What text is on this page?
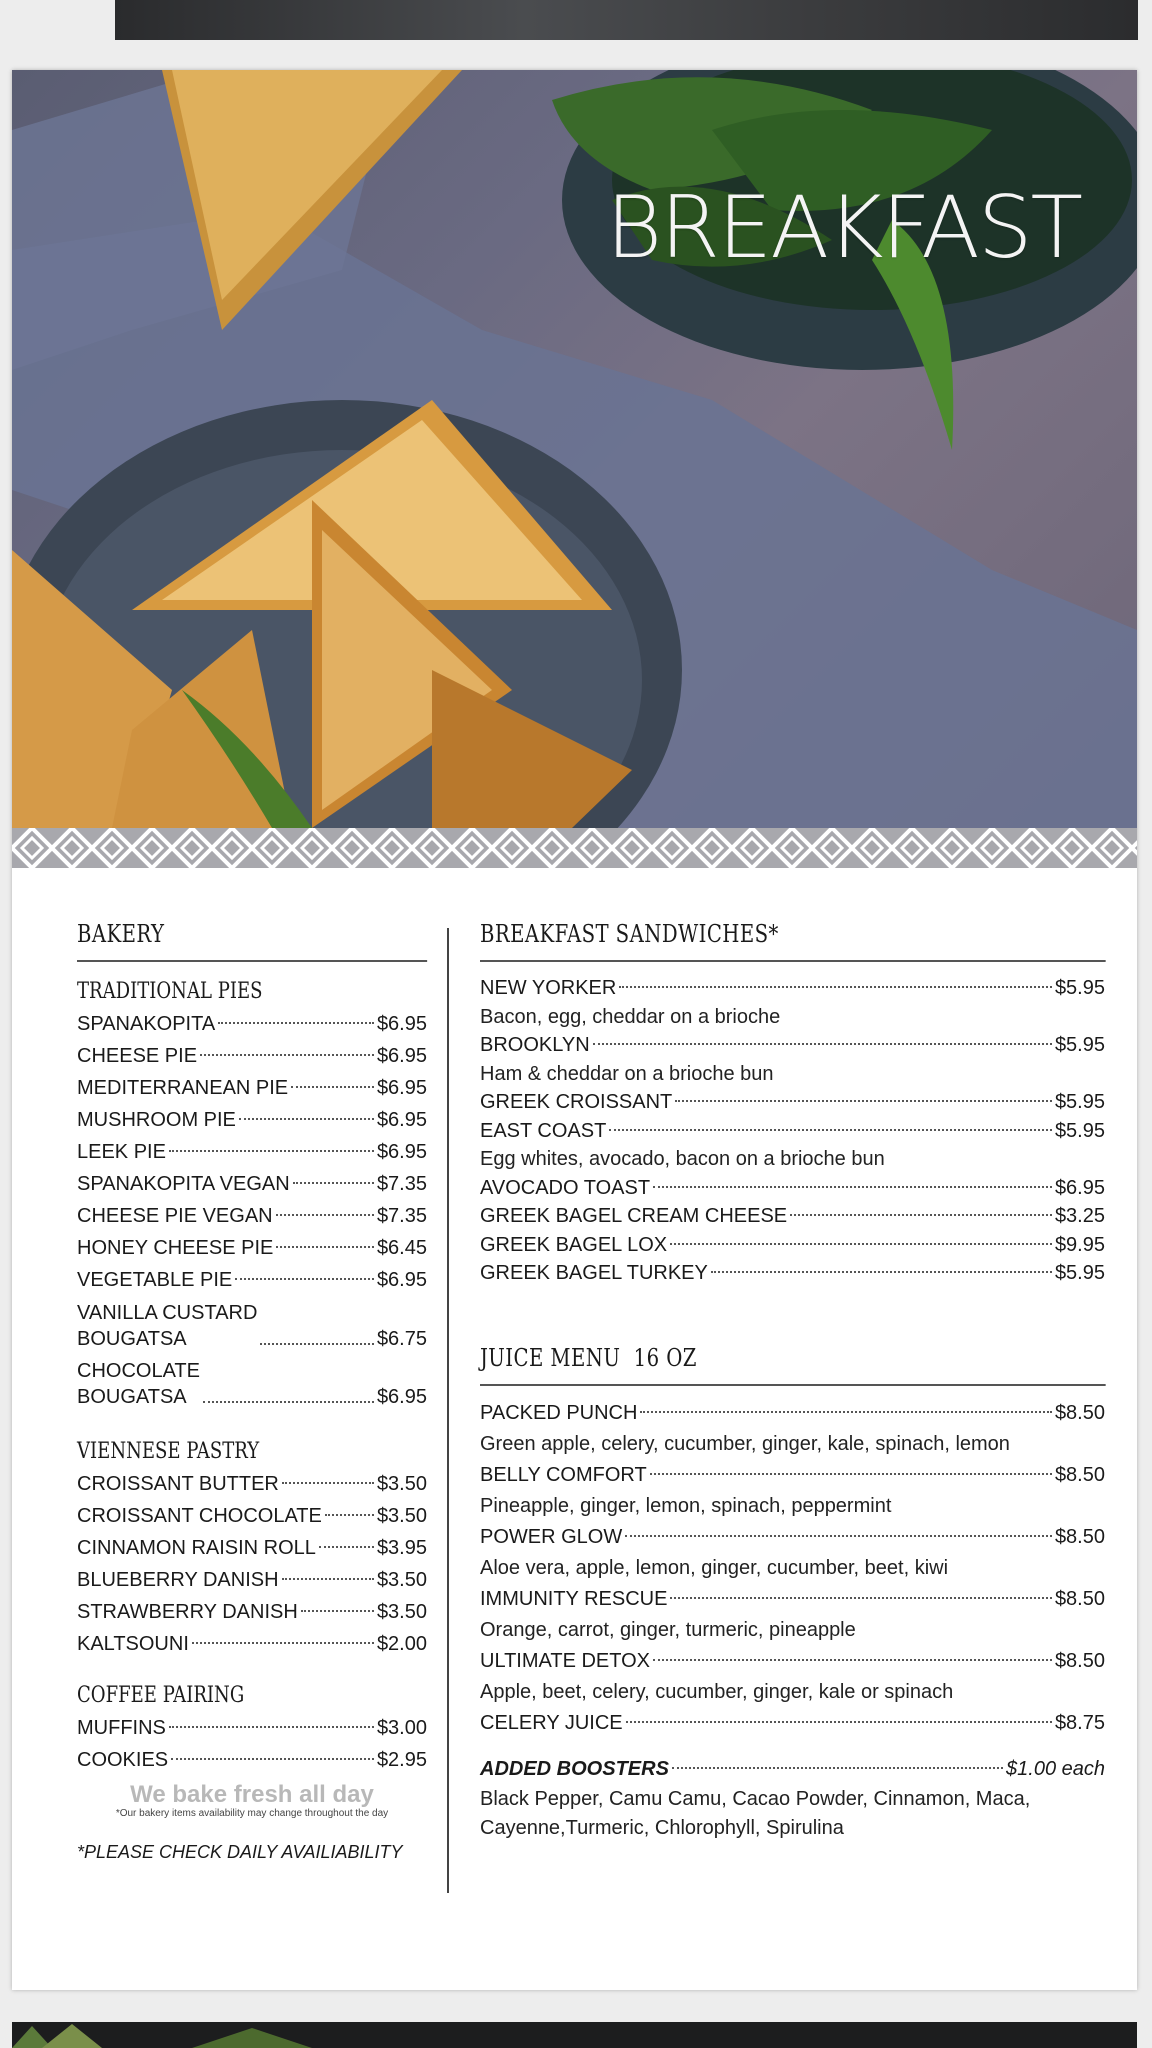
BREAKFAST
BAKERY
TRADITIONAL PIES
SPANAKOPITA	$6.95
CHEESE PIE	$6.95
MEDITERRANEAN PIE	$6.95
MUSHROOM PIE	$6.95
LEEK PIE	$6.95
SPANAKOPITA VEGAN	$7.35
CHEESE PIE VEGAN	$7.35
HONEY CHEESE PIE	$6.45
VEGETABLE PIE	$6.95
VANILLA CUSTARD
BOUGATSA	$6.75
CHOCOLATE
BOUGATSA	$6.95
VIENNESE PASTRY
CROISSANT BUTTER	$3.50
CROISSANT CHOCOLATE	$3.50
CINNAMON RAISIN ROLL	$3.95
BLUEBERRY DANISH	$3.50
STRAWBERRY DANISH	$3.50
KALTSOUNI	$2.00
COFFEE PAIRING
MUFFINS	$3.00
COOKIES	$2.95
We bake fresh all day
*Our bakery items availability may change throughout the day
*PLEASE CHECK DAILY AVAILIABILITY
BREAKFAST SANDWICHES*
NEW YORKER	$5.95
Bacon, egg, cheddar on a brioche
BROOKLYN	$5.95
Ham & cheddar on a brioche bun
GREEK CROISSANT	$5.95
EAST COAST	$5.95
Egg whites, avocado, bacon on a brioche bun
AVOCADO TOAST	$6.95
GREEK BAGEL CREAM CHEESE	$3.25
GREEK BAGEL LOX	$9.95
GREEK BAGEL TURKEY	$5.95
JUICE MENU  16 OZ
PACKED PUNCH	$8.50
Green apple, celery, cucumber, ginger, kale, spinach, lemon
BELLY COMFORT	$8.50
Pineapple, ginger, lemon, spinach, peppermint
POWER GLOW	$8.50
Aloe vera, apple, lemon, ginger, cucumber, beet, kiwi
IMMUNITY RESCUE	$8.50
Orange, carrot, ginger, turmeric, pineapple
ULTIMATE DETOX	$8.50
Apple, beet, celery, cucumber, ginger, kale or spinach
CELERY JUICE	$8.75
ADDED BOOSTERS	$1.00 each
Black Pepper, Camu Camu, Cacao Powder, Cinnamon, Maca,
Cayenne,Turmeric, Chlorophyll, Spirulina
